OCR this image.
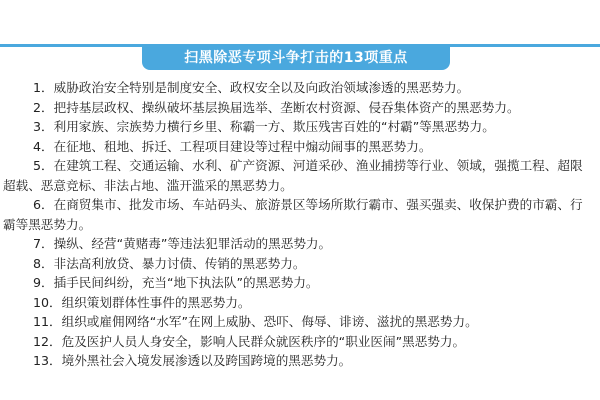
扫黑除恶专项斗争打击的13项重点
1．威胁政治安全特别是制度安全、政权安全以及向政治领域渗透的黑恶势力。
2．把持基层政权、操纵破坏基层换届选举、垄断农村资源、侵吞集体资产的黑恶势力。
3．利用家族、宗族势力横行乡里、称霸一方、欺压残害百姓的“村霸”等黑恶势力。
4．在征地、租地、拆迁、工程项目建设等过程中煽动闹事的黑恶势力。
5．在建筑工程、交通运输、水利、矿产资源、河道采砂、渔业捕捞等行业、领域，强揽工程、超限超载、恶意竞标、非法占地、滥开滥采的黑恶势力。
6．在商贸集市、批发市场、车站码头、旅游景区等场所欺行霸市、强买强卖、收保护费的市霸、行霸等黑恶势力。
7．操纵、经营“黄赌毒”等违法犯罪活动的黑恶势力。
8．非法高利放贷、暴力讨债、传销的黑恶势力。
9．插手民间纠纷，充当“地下执法队”的黑恶势力。
10．组织策划群体性事件的黑恶势力。
11．组织或雇佣网络“水军”在网上威胁、恐吓、侮辱、诽谤、滋扰的黑恶势力。
12．危及医护人员人身安全，影响人民群众就医秩序的“职业医闹”黑恶势力。
13．境外黑社会入境发展渗透以及跨国跨境的黑恶势力。
